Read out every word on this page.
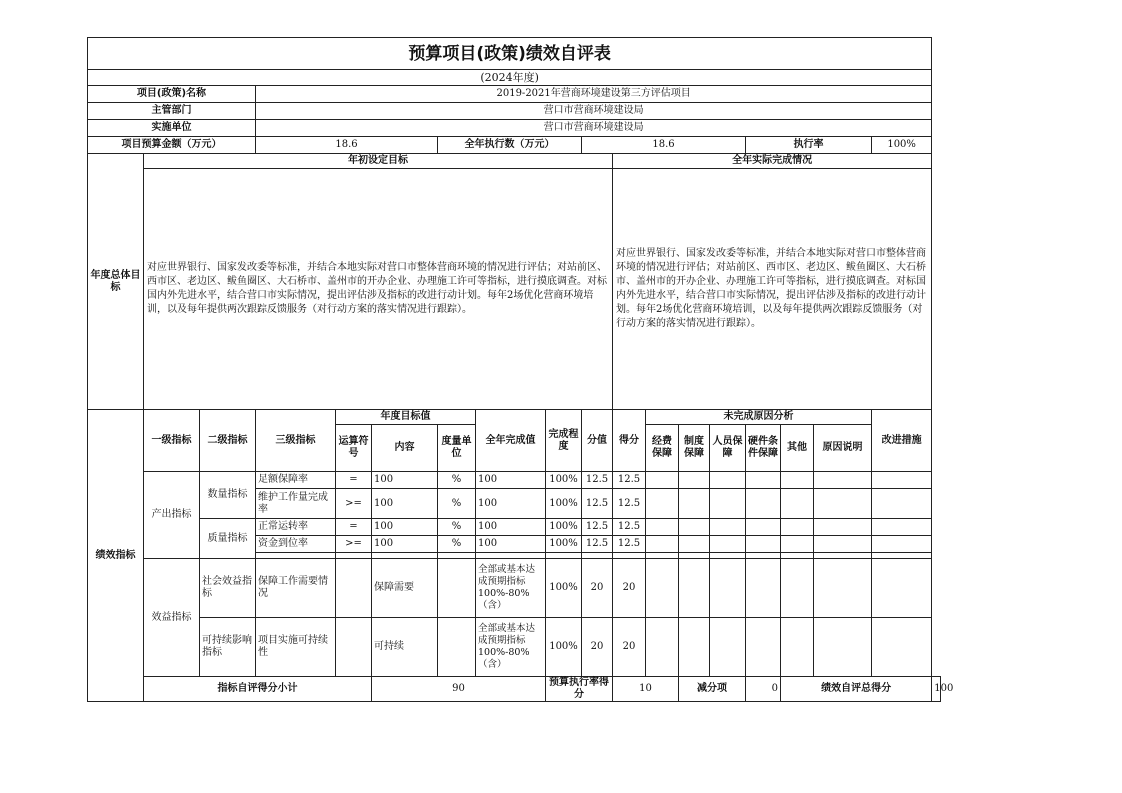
预算项目(政策)绩效自评表																		
(2024年度)																		
项目(政策)名称			2019-2021年营商环境建设第三方评估项目															
主管部门			营口市营商环境建设局															
实施单位			营口市营商环境建设局															
项目预算金额（万元）			18.6			全年执行数（万元）			18.6					执行率			100%	
年度总体目标	年初设定目标									全年实际完成情况								
	对应世界银行、国家发改委等标准，并结合本地实际对营口市整体营商环境的情况进行评估；对站前区、西市区、老边区、鲅鱼圈区、大石桥市、盖州市的开办企业、办理施工许可等指标，进行摸底调查。对标国内外先进水平，结合营口市实际情况，提出评估涉及指标的改进行动计划。每年2场优化营商环境培训，以及每年提供两次跟踪反馈服务（对行动方案的落实情况进行跟踪）。									对应世界银行、国家发改委等标准，并结合本地实际对营口市整体营商环境的情况进行评估；对站前区、西市区、老边区、鲅鱼圈区、大石桥市、盖州市的开办企业、办理施工许可等指标，进行摸底调查。对标国内外先进水平，结合营口市实际情况，提出评估涉及指标的改进行动计划。每年2场优化营商环境培训，以及每年提供两次跟踪反馈服务（对行动方案的落实情况进行跟踪）。								
绩效指标	一级指标	二级指标	三级指标	年度目标值			全年完成值	完成程度	分值	得分	未完成原因分析						改进措施	
				运算符号	内容	度量单位					经费保障	制度保障	人员保障	硬件条件保障	其他	原因说明		
	产出指标	数量指标	足额保障率	=	100	%	100	100%	12.5	12.5								
			维护工作量完成率	>=	100	%	100	100%	12.5	12.5								
		质量指标	正常运转率	=	100	%	100	100%	12.5	12.5								
			资金到位率	>=	100	%	100	100%	12.5	12.5								

	效益指标	社会效益指标	保障工作需要情况		保障需要		全部或基本达成预期指标100%-80%（含）	100%	20	20								
		可持续影响指标	项目实施可持续性		可持续		全部或基本达成预期指标100%-80%（含）	100%	20	20								
	指标自评得分小计				90			预算执行率得分		10		减分项		0	绩效自评总得分			100
